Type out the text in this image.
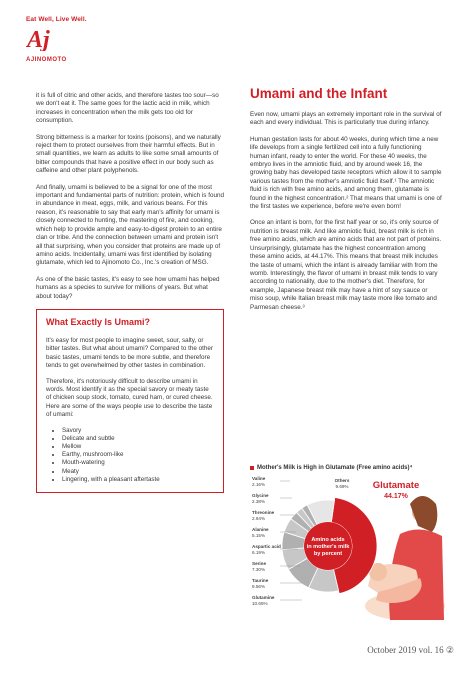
Eat Well, Live Well.
Aj
AJINOMOTO

it is full of citric and other acids, and therefore tastes too sour—so we don't eat it. The same goes for the lactic acid in milk, which increases in concentration when the milk gets too old for consumption.

Strong bitterness is a marker for toxins (poisons), and we naturally reject them to protect ourselves from their harmful effects. But in small quantities, we learn as adults to like some small amounts of bitter compounds that have a positive effect in our body such as caffeine and other plant polyphenols.

And finally, umami is believed to be a signal for one of the most important and fundamental parts of nutrition: protein, which is found in abundance in meat, eggs, milk, and various beans. For this reason, it's reasonable to say that early man's affinity for umami is closely connected to hunting, the mastering of fire, and cooking, which help to provide ample and easy-to-digest protein to an entire clan or tribe. And the connection between umami and protein isn't all that surprising, when you consider that proteins are made up of amino acids. Incidentally, umami was first identified by isolating glutamate, which led to Ajinomoto Co., Inc.'s creation of MSG.

As one of the basic tastes, it's easy to see how umami has helped humans as a species to survive for millions of years. But what about today?

What Exactly Is Umami?

It's easy for most people to imagine sweet, sour, salty, or bitter tastes. But what about umami? Compared to the other basic tastes, umami tends to be more subtle, and therefore tends to get overwhelmed by other tastes in combination.

Therefore, it's notoriously difficult to describe umami in words. Most identify it as the special savory or meaty taste of chicken soup stock, tomato, cured ham, or cured cheese. Here are some of the ways people use to describe the taste of umami:

• Savory
• Delicate and subtle
• Mellow
• Earthy, mushroom-like
• Mouth-watering
• Meaty
• Lingering, with a pleasant aftertaste
Umami and the Infant

Even now, umami plays an extremely important role in the survival of each and every individual. This is particularly true during infancy.

Human gestation lasts for about 40 weeks, during which time a new life develops from a single fertilized cell into a fully functioning human infant, ready to enter the world. For these 40 weeks, the embryo lives in the amniotic fluid, and by around week 16, the growing baby has developed taste receptors which allow it to sample various tastes from the mother's amniotic fluid itself.¹ The amniotic fluid is rich with free amino acids, and among them, glutamate is found in the highest concentration.² That means that umami is one of the first tastes we experience, before we're even born!

Once an infant is born, for the first half year or so, it's only source of nutrition is breast milk. And like amniotic fluid, breast milk is rich in free amino acids, which are amino acids that are not part of proteins. Unsurprisingly, glutamate has the highest concentration among these amino acids, at 44.17%. This means that breast milk includes the taste of umami, which the infant is already familiar with from the womb. Interestingly, the flavor of umami in breast milk tends to vary according to nationality, due to the mother's diet. Therefore, for example, Japanese breast milk may have a hint of soy sauce or miso soup, while Italian breast milk may taste more like tomato and Parmesan cheese.³

Mother's Milk is High in Glutamate (Free amino acids)⁴
Amino acids in mother's milk by percent
Glutamate
44.17%
Valine
2.16%
Glycine
2.38%
Threonine
2.94%
Alanine
5.15%
Aspartic acid
6.19%
Serine
7.30%
Taurine
9.56%
Glutamine
10.65%
Others
9.69%
October 2019 vol. 16 ②
